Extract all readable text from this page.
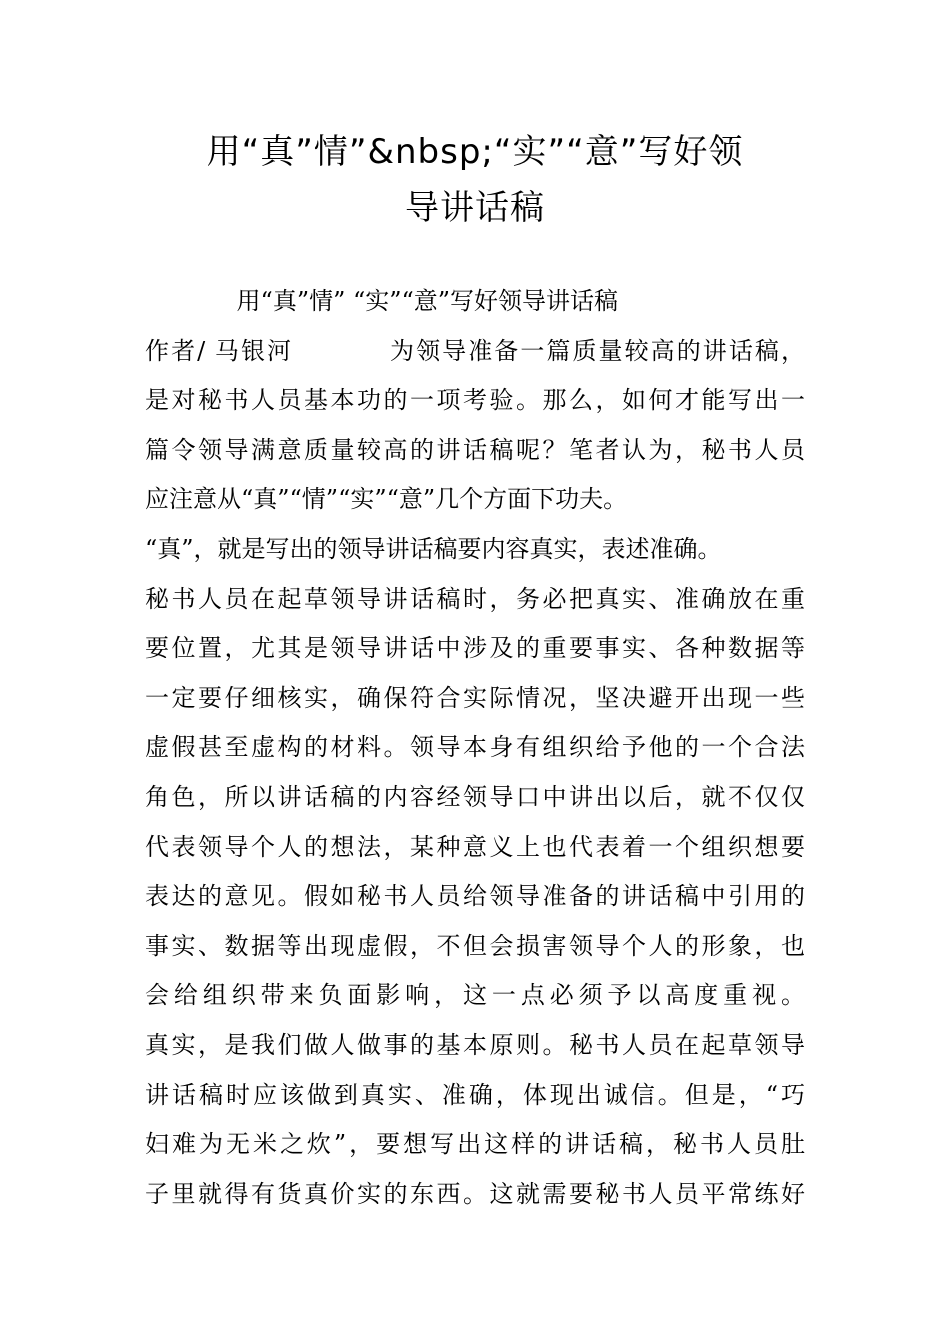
用“真”情”&nbsp;“实”“意”写好领
导讲话稿
用“真”情” “实”“意”写好领导讲话稿
作者/ 马银河          为领导准备一篇质量较高的讲话稿，
是对秘书人员基本功的一项考验。那么，如何才能写出一
篇令领导满意质量较高的讲话稿呢？笔者认为，秘书人员
应注意从“真”“情”“实”“意”几个方面下功夫。
“真”，就是写出的领导讲话稿要内容真实，表述准确。
秘书人员在起草领导讲话稿时，务必把真实、准确放在重
要位置，尤其是领导讲话中涉及的重要事实、各种数据等
一定要仔细核实，确保符合实际情况，坚决避开出现一些
虚假甚至虚构的材料。领导本身有组织给予他的一个合法
角色，所以讲话稿的内容经领导口中讲出以后，就不仅仅
代表领导个人的想法，某种意义上也代表着一个组织想要
表达的意见。假如秘书人员给领导准备的讲话稿中引用的
事实、数据等出现虚假，不但会损害领导个人的形象，也
会给组织带来负面影响，这一点必须予以高度重视。
真实，是我们做人做事的基本原则。秘书人员在起草领导
讲话稿时应该做到真实、准确，体现出诚信。但是，“巧
妇难为无米之炊”，要想写出这样的讲话稿，秘书人员肚
子里就得有货真价实的东西。这就需要秘书人员平常练好
